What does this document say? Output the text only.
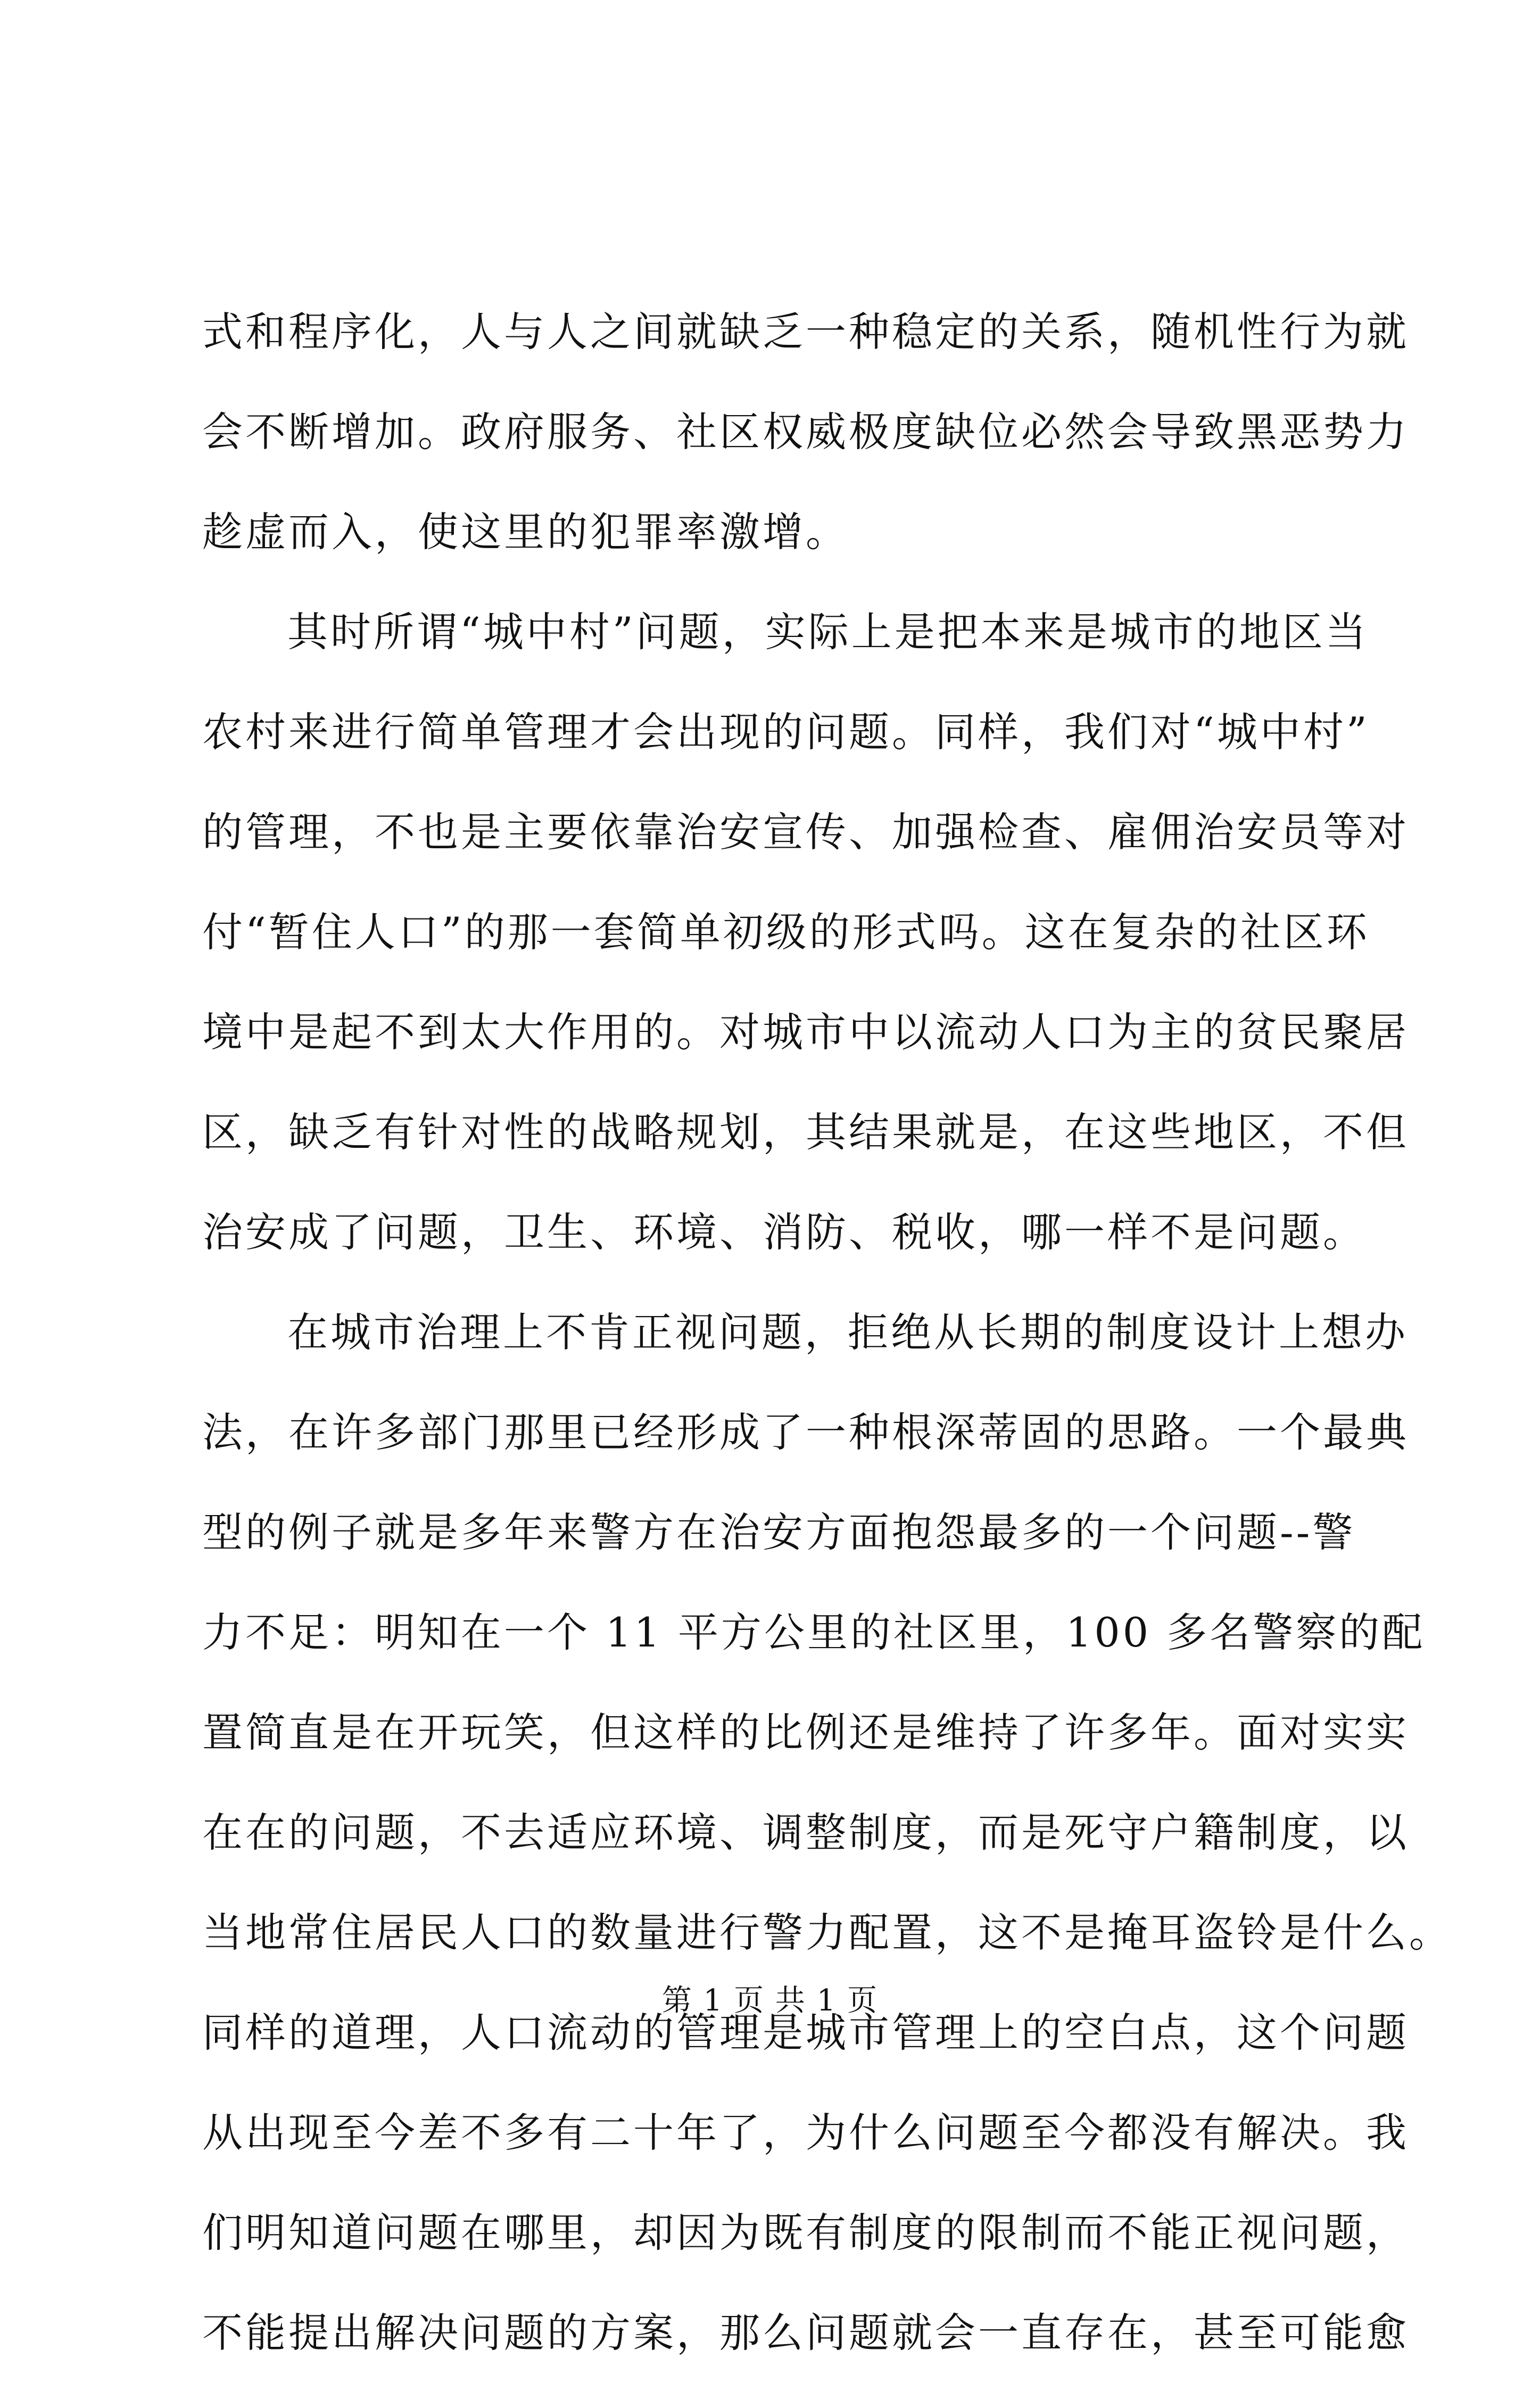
式和程序化，人与人之间就缺乏一种稳定的关系，随机性行为就
会不断增加。政府服务、社区权威极度缺位必然会导致黑恶势力
趁虚而入，使这里的犯罪率激增。
其时所谓“城中村”问题，实际上是把本来是城市的地区当
农村来进行简单管理才会出现的问题。同样，我们对“城中村”
的管理，不也是主要依靠治安宣传、加强检查、雇佣治安员等对
付“暂住人口”的那一套简单初级的形式吗。这在复杂的社区环
境中是起不到太大作用的。对城市中以流动人口为主的贫民聚居
区，缺乏有针对性的战略规划，其结果就是，在这些地区，不但
治安成了问题，卫生、环境、消防、税收，哪一样不是问题。
在城市治理上不肯正视问题，拒绝从长期的制度设计上想办
法，在许多部门那里已经形成了一种根深蒂固的思路。一个最典
型的例子就是多年来警方在治安方面抱怨最多的一个问题--警
力不足：明知在一个 11 平方公里的社区里，100 多名警察的配
置简直是在开玩笑，但这样的比例还是维持了许多年。面对实实
在在的问题，不去适应环境、调整制度，而是死守户籍制度，以
当地常住居民人口的数量进行警力配置，这不是掩耳盗铃是什么。
同样的道理，人口流动的管理是城市管理上的空白点，这个问题
从出现至今差不多有二十年了，为什么问题至今都没有解决。我
们明知道问题在哪里，却因为既有制度的限制而不能正视问题，
不能提出解决问题的方案，那么问题就会一直存在，甚至可能愈
第 1 页 共 1 页
